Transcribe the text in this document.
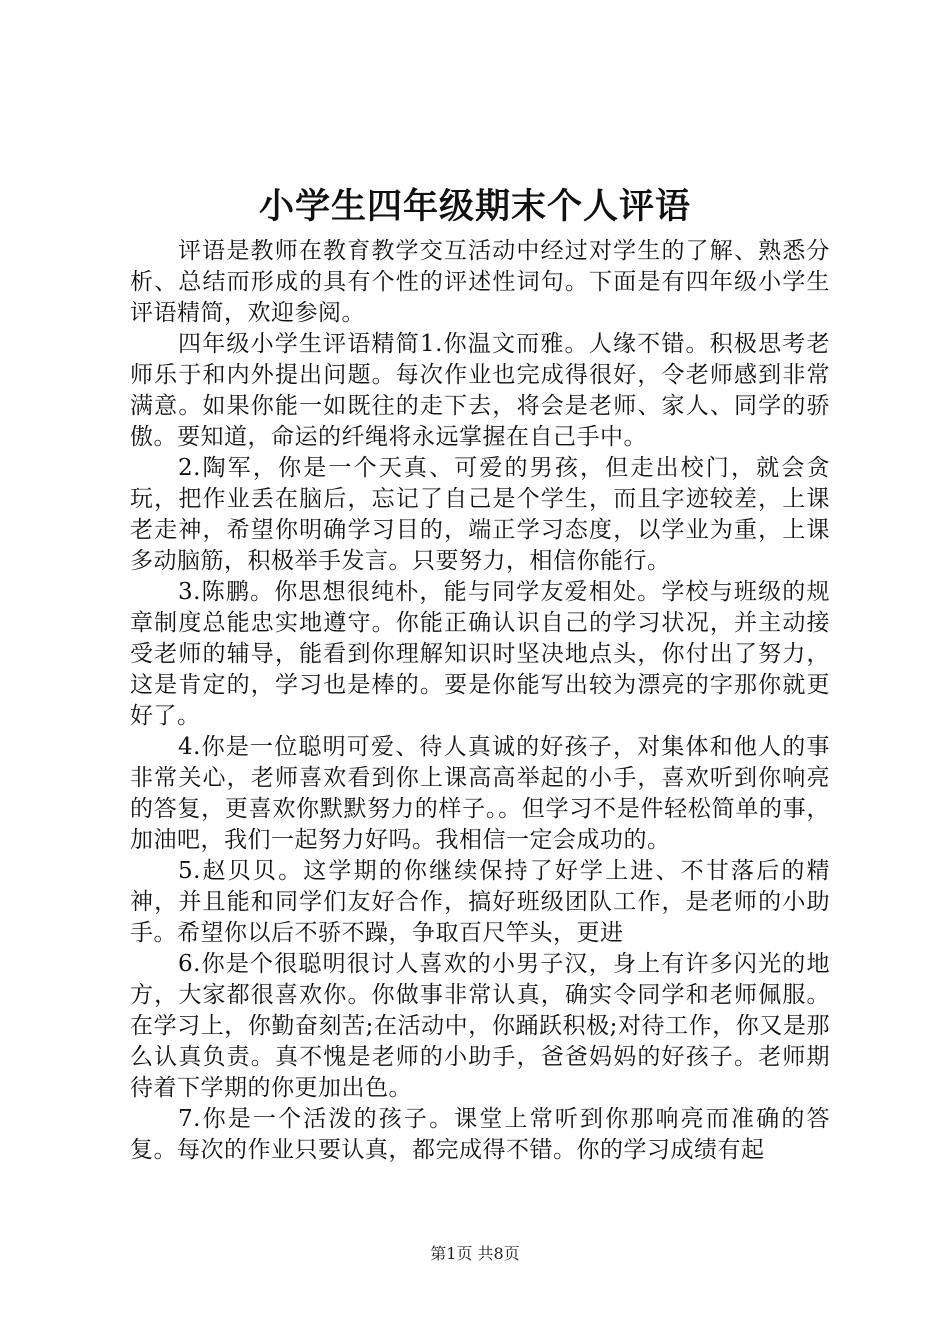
小学生四年级期末个人评语

评语是教师在教育教学交互活动中经过对学生的了解、熟悉分析、总结而形成的具有个性的评述性词句。下面是有四年级小学生评语精简，欢迎参阅。

四年级小学生评语精简1.你温文而雅。人缘不错。积极思考老师乐于和内外提出问题。每次作业也完成得很好，令老师感到非常满意。如果你能一如既往的走下去，将会是老师、家人、同学的骄傲。要知道，命运的纤绳将永远掌握在自己手中。

2.陶军，你是一个天真、可爱的男孩，但走出校门，就会贪玩，把作业丢在脑后，忘记了自己是个学生，而且字迹较差，上课老走神，希望你明确学习目的，端正学习态度，以学业为重，上课多动脑筋，积极举手发言。只要努力，相信你能行。

3.陈鹏。你思想很纯朴，能与同学友爱相处。学校与班级的规章制度总能忠实地遵守。你能正确认识自己的学习状况，并主动接受老师的辅导，能看到你理解知识时坚决地点头，你付出了努力，这是肯定的，学习也是棒的。要是你能写出较为漂亮的字那你就更好了。

4.你是一位聪明可爱、待人真诚的好孩子，对集体和他人的事非常关心，老师喜欢看到你上课高高举起的小手，喜欢听到你响亮的答复，更喜欢你默默努力的样子。。但学习不是件轻松简单的事，加油吧，我们一起努力好吗。我相信一定会成功的。

5.赵贝贝。这学期的你继续保持了好学上进、不甘落后的精神，并且能和同学们友好合作，搞好班级团队工作，是老师的小助手。希望你以后不骄不躁，争取百尺竿头，更进

6.你是个很聪明很讨人喜欢的小男子汉，身上有许多闪光的地方，大家都很喜欢你。你做事非常认真，确实令同学和老师佩服。在学习上，你勤奋刻苦;在活动中，你踊跃积极;对待工作，你又是那么认真负责。真不愧是老师的小助手，爸爸妈妈的好孩子。老师期待着下学期的你更加出色。

7.你是一个活泼的孩子。课堂上常听到你那响亮而准确的答复。每次的作业只要认真，都完成得不错。你的学习成绩有起

第1页 共8页
